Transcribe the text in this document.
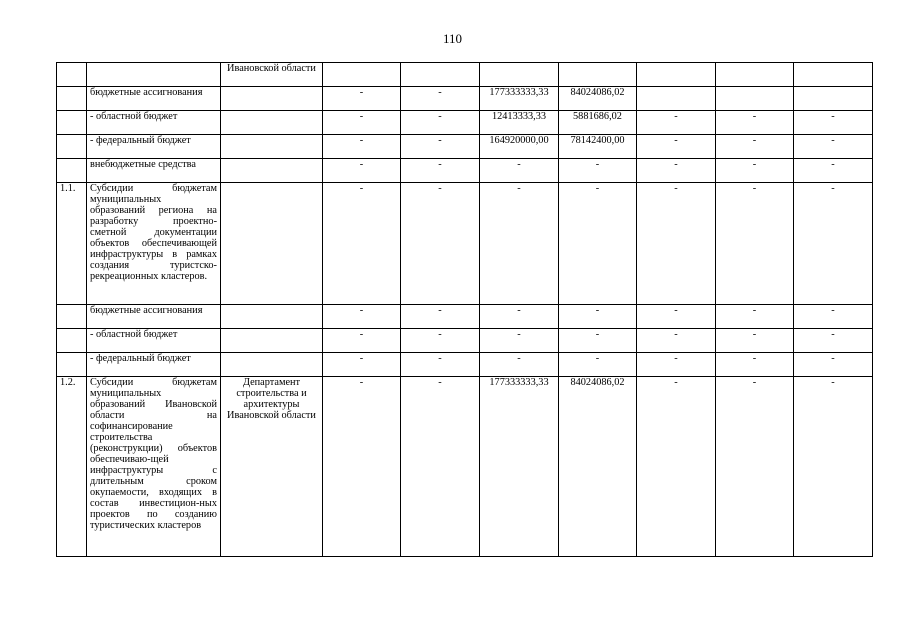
110
		Ивановской области							
	бюджетные ассигнования		-	-	177333333,33	84024086,02			
	- областной бюджет		-	-	12413333,33	5881686,02	-	-	-
	- федеральный бюджет		-	-	164920000,00	78142400,00	-	-	-
	внебюджетные средства		-	-	-	-	-	-	-
1.1.	Субсидии бюджетам муниципальных образований региона на разработку проектно-сметной документации объектов обеспечивающей инфраструктуры в рамках создания туристско-рекреационных кластеров.		-	-	-	-	-	-	-
	бюджетные ассигнования		-	-	-	-	-	-	-
	- областной бюджет		-	-	-	-	-	-	-
	- федеральный бюджет		-	-	-	-	-	-	-
1.2.	Субсидии бюджетам муниципальных образований Ивановской области на софинансирование строительства (реконструкции) объектов обеспечиваю-щей инфраструктуры с длительным сроком окупаемости, входящих в состав инвестицион-ных проектов по созданию туристических кластеров	Департамент строительства и архитектуры Ивановской области	-	-	177333333,33	84024086,02	-	-	-
